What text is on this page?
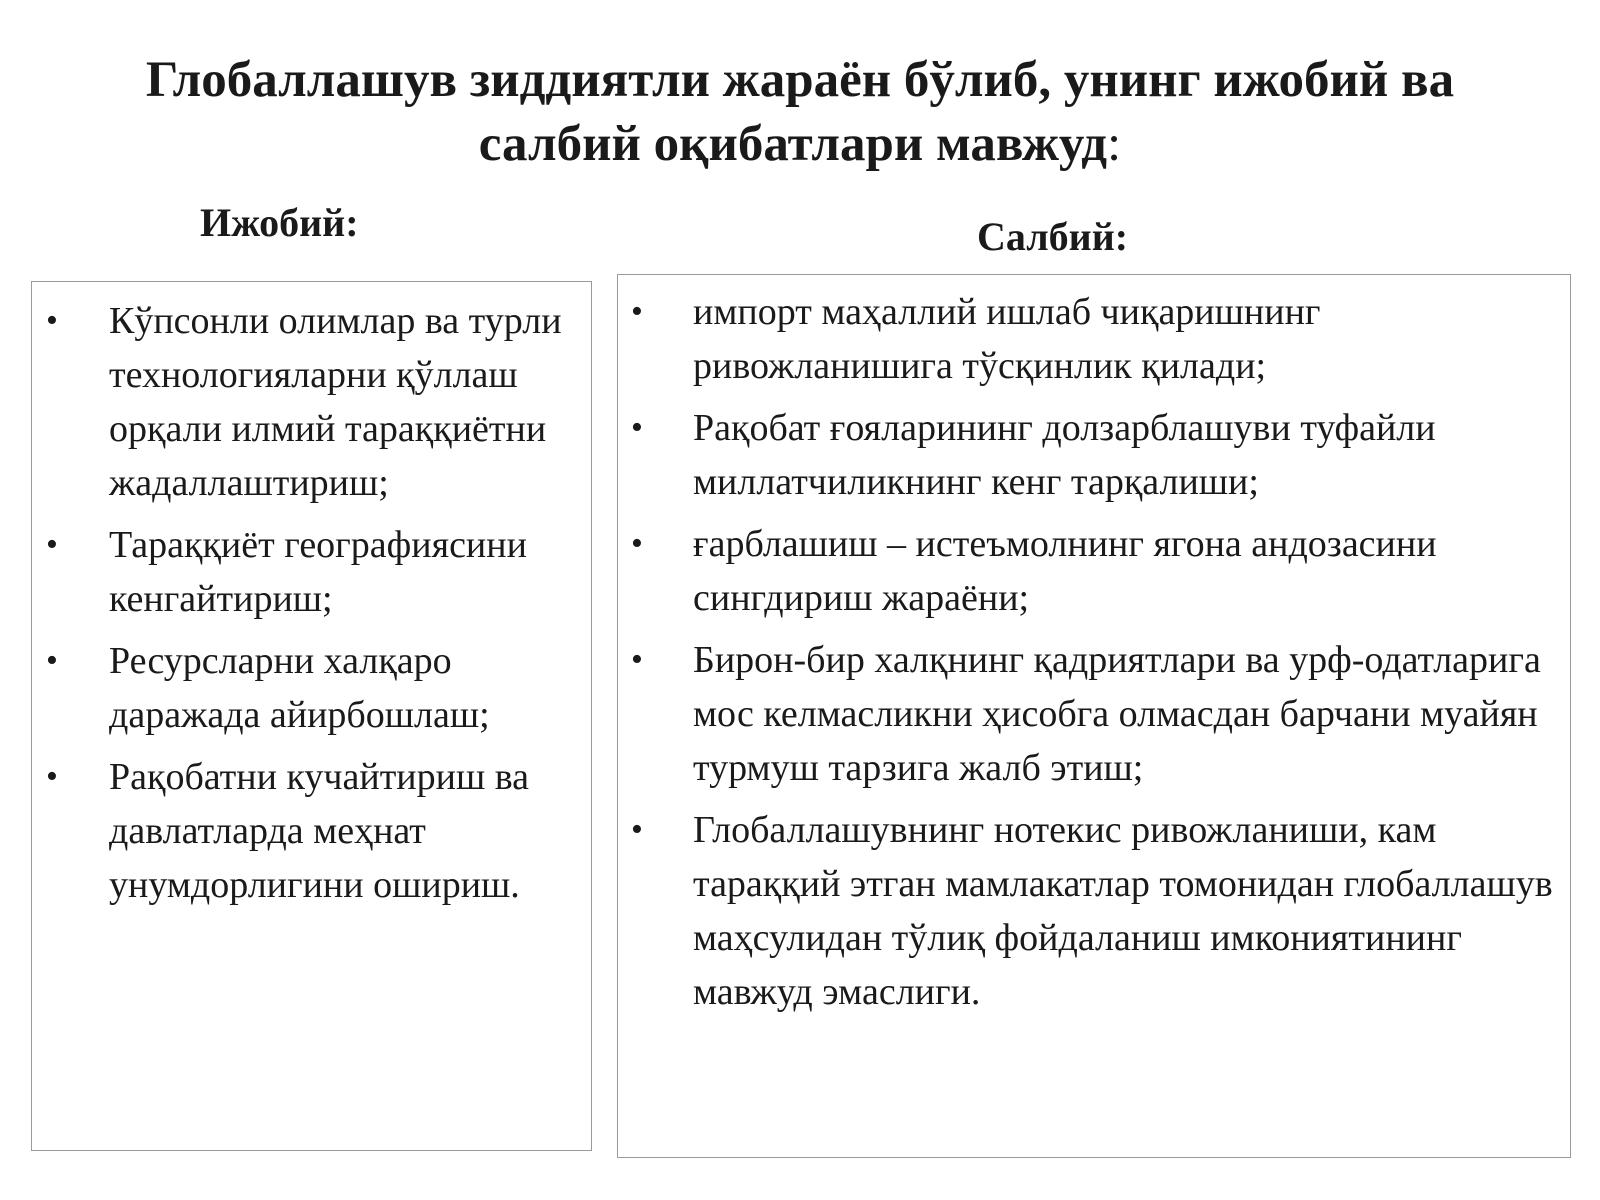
Глобаллашув зиддиятли жараён бўлиб, унинг ижобий ва
салбий оқибатлари мавжуд:
Ижобий:	Салбий:
• Кўпсонли олимлар ва турли технологияларни қўллаш орқали илмий тараққиётни жадаллаштириш;
• Тараққиёт географиясини кенгайтириш;
• Ресурсларни халқаро даражада айирбошлаш;
• Рақобатни кучайтириш ва давлатларда меҳнат унумдорлигини ошириш.
• импорт маҳаллий ишлаб чиқаришнинг ривожланишига тўсқинлик қилади;
• Рақобат ғояларининг долзарблашуви туфайли миллатчиликнинг кенг тарқалиши;
• ғарблашиш – истеъмолнинг ягона андозасини сингдириш жараёни;
• Бирон-бир халқнинг қадриятлари ва урф-одатларига мос келмасликни ҳисобга олмасдан барчани муайян турмуш тарзига жалб этиш;
• Глобаллашувнинг нотекис ривожланиши, кам тараққий этган мамлакатлар томонидан глобаллашув маҳсулидан тўлиқ фойдаланиш имкониятининг мавжуд эмаслиги.
